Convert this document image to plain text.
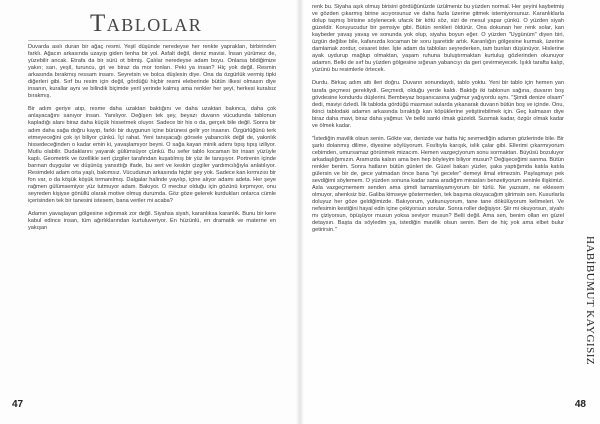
Tablolar

Duvarda asılı duran bir ağaç resmi. Yeşil düşünde neredeyse her renkte yaprakları, birbirinden farklı. Ağacın arkasında uzayıp giden tenha bir yol. Asfalt değil, deniz mavisi. İnsan yürümez de, yüzebilir ancak. Etrafa da bir sürü ot bitmiş. Çalılar neredeyse adam boyu. Onlarsa bildiğimize yakın; sarı, yeşil, turuncu, gri ve biraz da mor tonları. Peki ya insan? Hiç yok değil. Resmin arkasında bırakmış ressam insanı. Seyretsin ve bolca düşlesin diye. Ona da özgürlük vermiş tipki diğerleri gibi. Sırf bu resim için değil, gördüğü hiçbir resmi eleberinde bütün ilkesi olmasın diye insanın, kurallar aynı ve bilindik biçimde yeril yerinde kalmış ama renkler her şeyi, herkesi kuralsız bırakmış.

Bir adım geriye atıp, resme daha uzaktan baktığını ve daha uzaktan bakınca, daha çok anlayacağını sanıyor insan. Yanılıyor. Değişen tek şey, beyazı duvarın vücudunda tablonun kapladığı alanı biraz daha küçük hissetmek oluyor. Sadece bir his o da, gerçek bile değil. Sonra bir adım daha sağa doğru kayıp, farklı bir duygunun içine bürünesi gelir yor insanın. Özgürlüğünü terk etmeyeceğini çok iyi biliyor çünkü. İçi rahat. Yeni tanışacağı görsele yabancılık değil de, yakınlık hissedeceğinden o kadar emin ki, yavaşlamıyor beyni. O sağa kayan minik adımı tıpış tıpış iziliyor. Mutlu olabilir. Dudaklarını yayarak gülümsüyor çünkü. Bu sefer tablo kocaman bir insan yüzüyle kaplı. Geometrik ve özellikle sert çizgiler tarafından kuşatılmış bir yüz ile tanışıyor. Portrenin içinde barınan duygular ve düşünüş yansıttığı ifade, bu sert ve keskin çizgiler yardımcılığıyla anlatılıyor. Resimdeki adam orta yaşlı, bakımsız. Vücudunun arkasında hiçbir şey yok. Sadece kan kırmızısı bir fon var, o da köşük köşük tırmanılmış. Dalgalar halinde yayılıp, içine alıyor adamı adeta. Her şeye rağmen gülümsemiyor yüz tutmuyor adam. Bakıyor. O mecbur olduğu için gözünü kırpmıyor, onu seyreden kişiyse gönüllü olarak motive olmuş durumda. Göz göze gelerek kurdukları onlarca cümle içerisinden tek bir tanesini istesem, bana veriler mi acaba?

Adamın yavaşlayan gölgesine sığınmak zor değil. Siyahsa siyah, karanlıksa karanlık. Bunu bir kere kabul edince insan, tüm ağırlıklarından kurtuluveriyor. En hüzünlü, en dramatik ve materne en yakışan

47

renk bu. Siyaha aşık olmuş birisini gördüğünüzde üzülmeniz bu yüzden normal. Her şeyini kaybetmiş ve gözden çıkarmış birine acıyorsunuz ve daha fazla üzerine gitmek istemiyorsunuz. Karanlıklarla dolup taşmış birisine söylenecek ufacık bir kötü söz, sizi de mesul yapar çünkü. O yüzden siyah güzeldir. Koruyucudur bir şemsiye gibi. Bütün renkleri öldürür. Ona dokunan her renk solar, kan kaybeder yavaş yavaş ve sonunda yok olup, siyaha boyun eğer. O yüzden "Uygünüm" diyen biri, üzgün değilse bile, kafanızda kocaman bir soru işaretidir artık. Karanlığın gölgesine kurmak, üzerine damlamak zordur, cesaret ister. İşte adam da tabloları seyrederken, tam bunları düşünüyor. Hislerine ayak uydurup mağlup olmaktan, yaşam ruhuna buluştırmaktan kurtuluş gözlerinden okunuyor adamın. Belki de sırf bu yüzden gölgesine sığınan yabancıyı da geri çevirmeyecek. Işıklı tarafta kalıp, yüzünü bu resimlerle örtecek.

Durdu. Birkaç adım attı ileri doğru. Duvarın sonundaydı, tablo yoktu. Yeni bir tablo için hemen yan tarafa geçmesi gerekliydi. Geçmedi, olduğu yerde kaldı. Baktığı iki tablonun sağına, duvarın boş gövdesine kondurdu düşlerini. Bembeyaz boşanıcasına yağmur yağıyordu aynı. "Şimdi denize olsam" dedi, maviyi özledi. İlk tabloda gördüğü masmavi sularda yıkanarak duvarın bütün boş ve içinde. Onu, ikinci tablodaki adamın arkasında bıraktığı kan köpüklerine yetiştirebilmek için. Geç kalmasın diye biraz daha mavi, biraz daha yağmur. Ve belki sanki ılmak güzeldi. Susmak kadar, özgür olmak kadar ve ölmek kadar.

"İstediğin mavilik olsun senin. Gökte var, denizde var hatta hiç sevmediğin adamın gözlerinde bile. Bir şarkı dolanmış dilime, diyesine söylüyorum. Fısıltıyla karışık, islik çalar gibi. Ellerimi çıkarmıyorum cebimden, umursamaz görünmek mizacım. Hemen vazgeçiyorum sonu sormaktan. Büyüsü bozuluyor arkadaşlığımızın. Aramızda kalsın ama ben hep böyleyim biliyor musun? Değişeceğimi sanma. Bütün renkler benim. Sonra hatların bütün günleri de. Güzel bakarı yüzler, şaka yaptığımda katıla katıla gülersin ve bir de, gece yatmadan önce bana "iyi geceler" demeyi ilmal etmezsin. Paylaşmayı pek sevdiğimi söylemem. O yüzden sonuna kadar sana aradığım mirasları benzetiyorum seninle ilişkimizi. Asla vazgeçmemem senden ama şimdi tamamlayamıyorum bir türlü. Ne yazsam, ne eklesem olmuyor, ahenksiz biz. Galiba kimseye göstermeden, tek başıma okuyacağım şiirimsin sen. Kusurlarla doluyuz her göze geldiğimizde. Bakıyorum, yutkunuyorum, tane tane dökülüyorum kelimeleri. Ve nefesimin kestiğini hayal edin içine çekiyorsun sorular. Sonra roller değişiyor. Şiir mi okuyorsun, siyahı mı çiziyorsun, öpüşüyor musun yoksa seviyor musun? Belli değil. Ama sen, benim ollan en güzel detaysın. Başta da söyledim ya, istediğin mavilik olsun senin. Ben de hiç yok ama elbet bulur getirirsin."

HABİBUMUT KAYGISIZ
48
